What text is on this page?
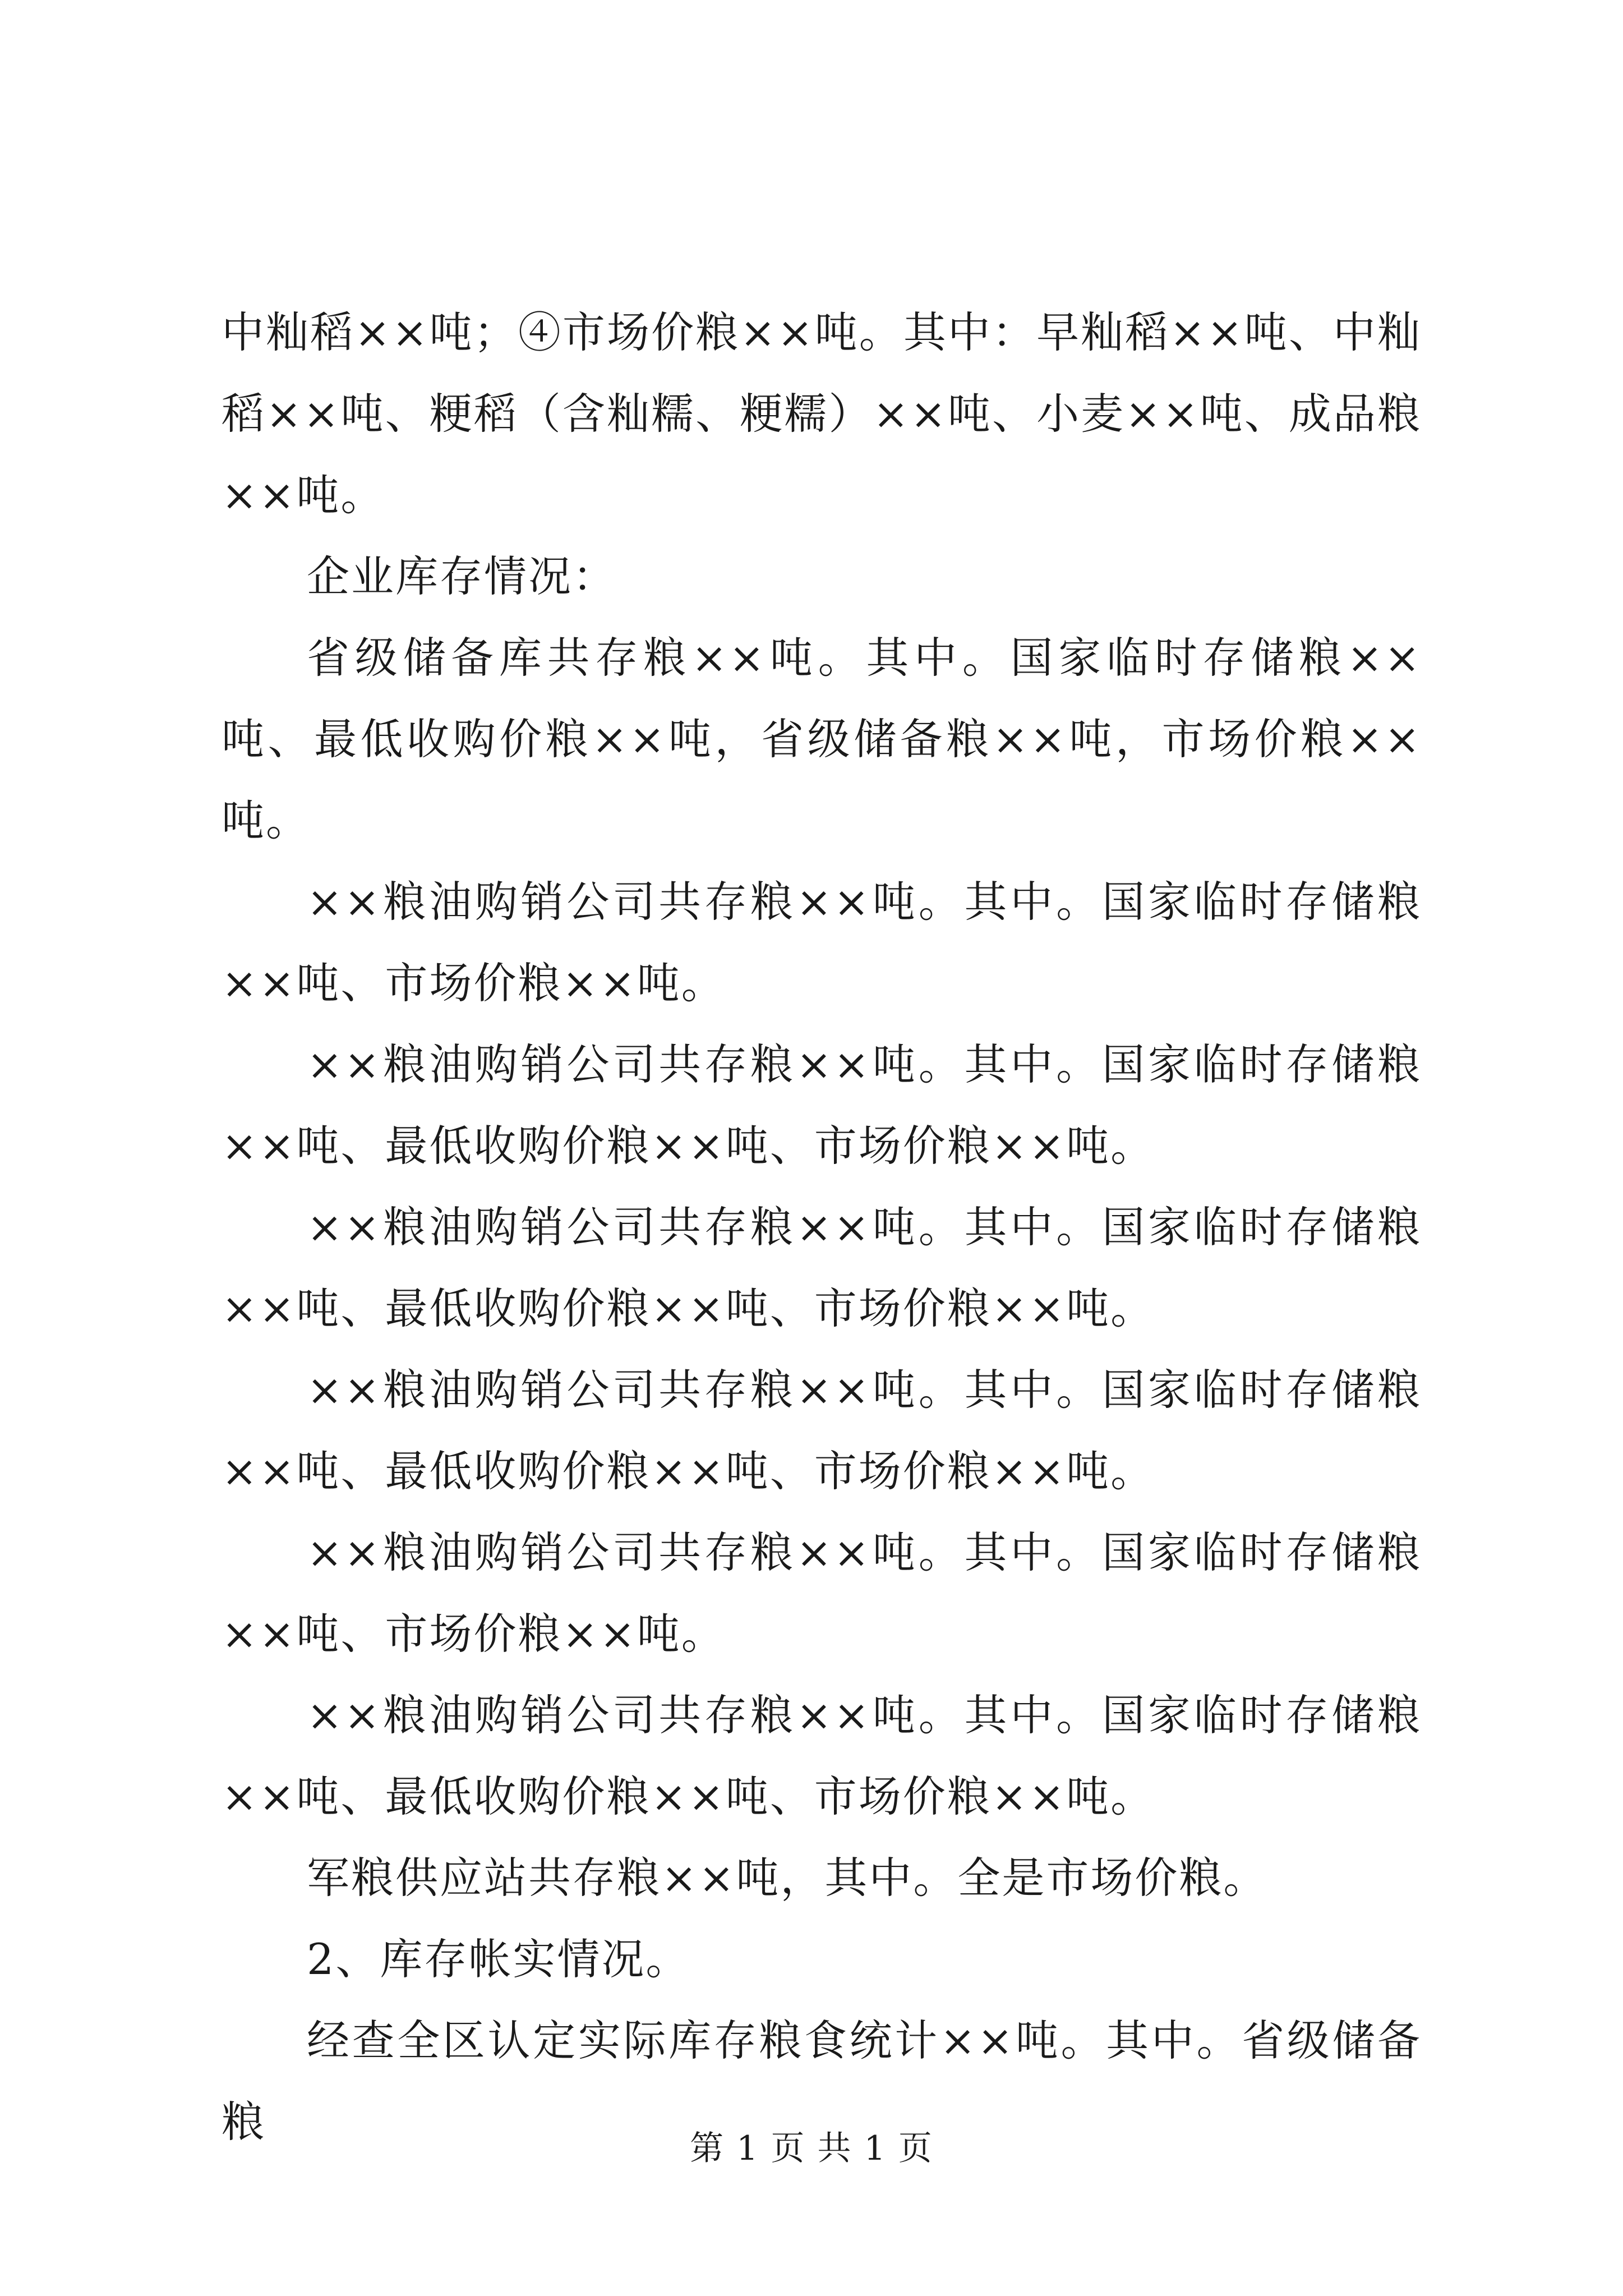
中籼稻××吨；④市场价粮××吨。其中：早籼稻××吨、中籼稻××吨、粳稻（含籼糯、粳糯）××吨、小麦××吨、成品粮××吨。

企业库存情况：

省级储备库共存粮××吨。其中。国家临时存储粮××吨、最低收购价粮××吨，省级储备粮××吨，市场价粮××吨。

××粮油购销公司共存粮××吨。其中。国家临时存储粮××吨、市场价粮××吨。

××粮油购销公司共存粮××吨。其中。国家临时存储粮××吨、最低收购价粮××吨、市场价粮××吨。

××粮油购销公司共存粮××吨。其中。国家临时存储粮××吨、最低收购价粮××吨、市场价粮××吨。

××粮油购销公司共存粮××吨。其中。国家临时存储粮××吨、最低收购价粮××吨、市场价粮××吨。

××粮油购销公司共存粮××吨。其中。国家临时存储粮××吨、市场价粮××吨。

××粮油购销公司共存粮××吨。其中。国家临时存储粮××吨、最低收购价粮××吨、市场价粮××吨。

军粮供应站共存粮××吨，其中。全是市场价粮。

2、库存帐实情况。

经查全区认定实际库存粮食统计××吨。其中。省级储备粮

第 1 页 共 1 页
